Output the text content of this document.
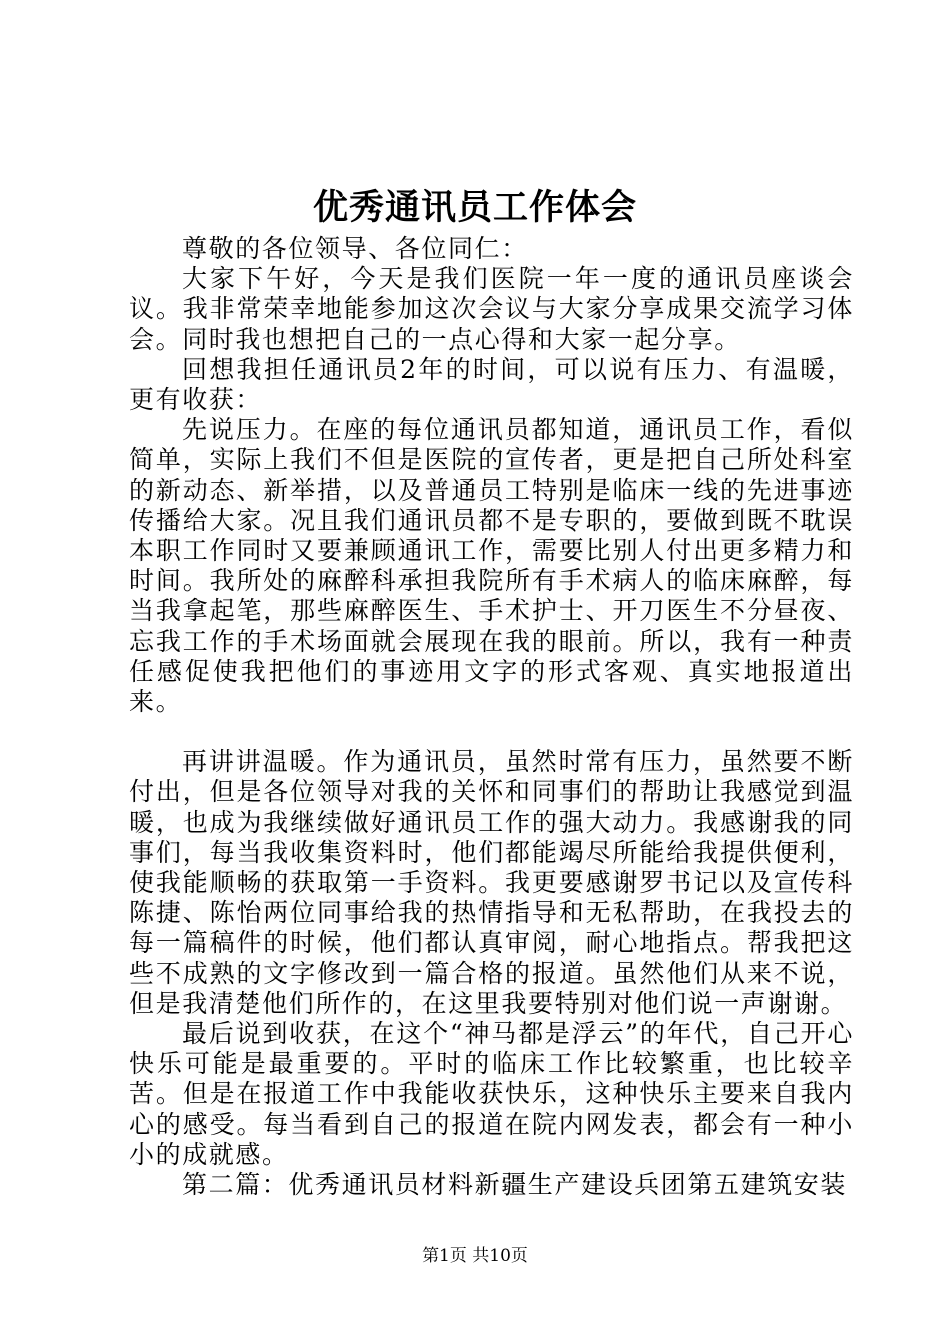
优秀通讯员工作体会

尊敬的各位领导、各位同仁：

大家下午好，今天是我们医院一年一度的通讯员座谈会议。我非常荣幸地能参加这次会议与大家分享成果交流学习体会。同时我也想把自己的一点心得和大家一起分享。

回想我担任通讯员2年的时间，可以说有压力、有温暖，更有收获：

先说压力。在座的每位通讯员都知道，通讯员工作，看似简单，实际上我们不但是医院的宣传者，更是把自己所处科室的新动态、新举措，以及普通员工特别是临床一线的先进事迹传播给大家。况且我们通讯员都不是专职的，要做到既不耽误本职工作同时又要兼顾通讯工作，需要比别人付出更多精力和时间。我所处的麻醉科承担我院所有手术病人的临床麻醉，每当我拿起笔，那些麻醉医生、手术护士、开刀医生不分昼夜、忘我工作的手术场面就会展现在我的眼前。所以，我有一种责任感促使我把他们的事迹用文字的形式客观、真实地报道出来。

再讲讲温暖。作为通讯员，虽然时常有压力，虽然要不断付出，但是各位领导对我的关怀和同事们的帮助让我感觉到温暖，也成为我继续做好通讯员工作的强大动力。我感谢我的同事们，每当我收集资料时，他们都能竭尽所能给我提供便利，使我能顺畅的获取第一手资料。我更要感谢罗书记以及宣传科陈捷、陈怡两位同事给我的热情指导和无私帮助，在我投去的每一篇稿件的时候，他们都认真审阅，耐心地指点。帮我把这些不成熟的文字修改到一篇合格的报道。虽然他们从来不说，但是我清楚他们所作的，在这里我要特别对他们说一声谢谢。

最后说到收获，在这个“神马都是浮云”的年代，自己开心快乐可能是最重要的。平时的临床工作比较繁重，也比较辛苦。但是在报道工作中我能收获快乐，这种快乐主要来自我内心的感受。每当看到自己的报道在院内网发表，都会有一种小小的成就感。

第二篇：优秀通讯员材料新疆生产建设兵团第五建筑安装

第1页 共10页
